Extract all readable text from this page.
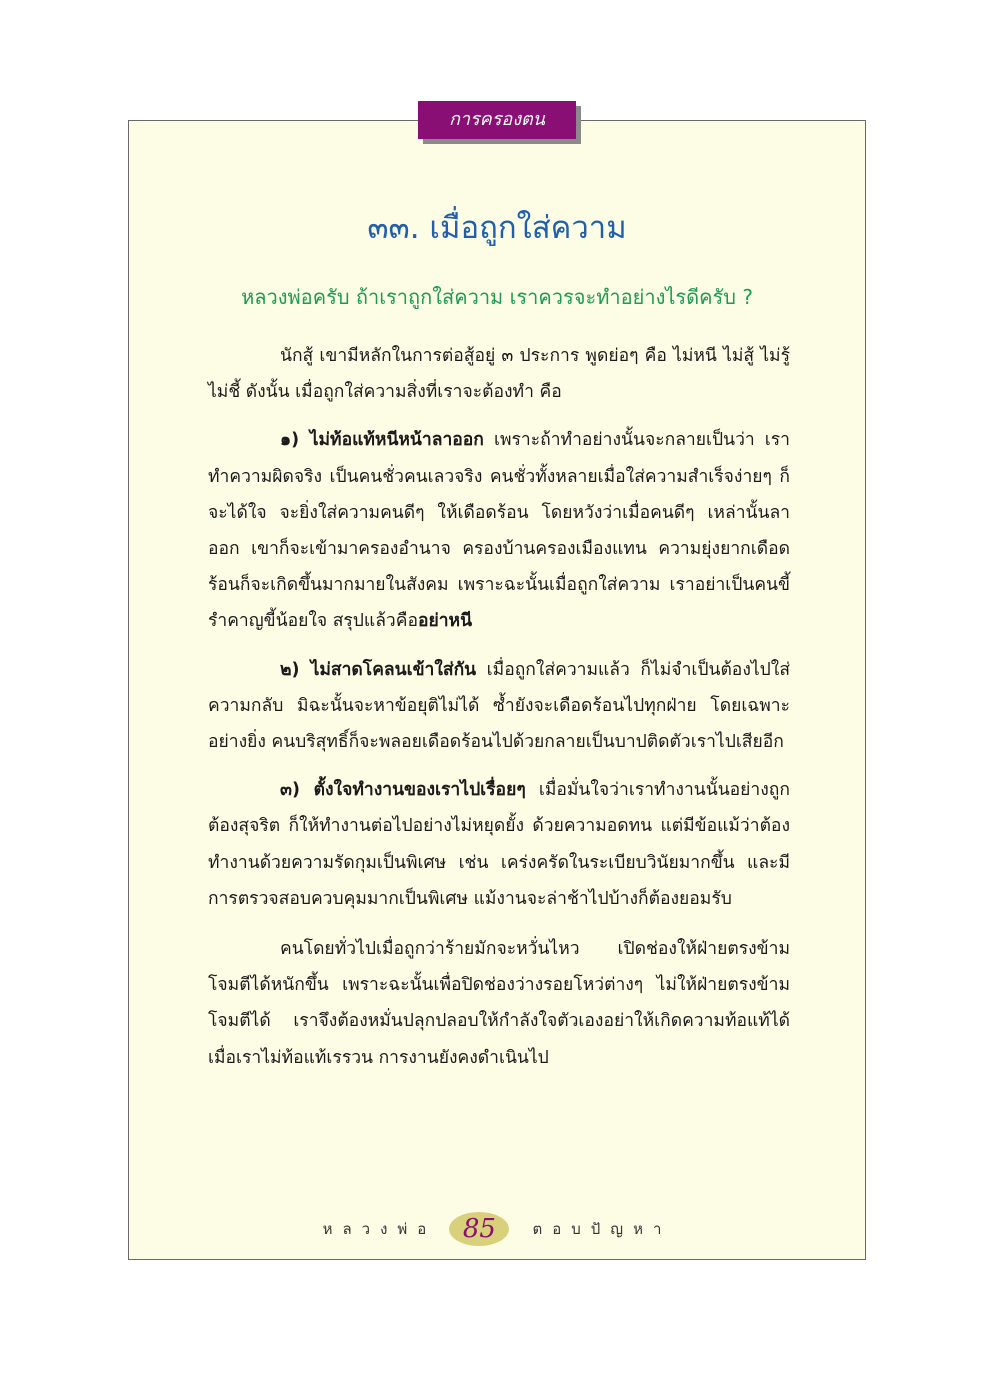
การครองตน
๓๓. เมื่อถูกใส่ความ
หลวงพ่อครับ ถ้าเราถูกใส่ความ เราควรจะทำอย่างไรดีครับ ?

นักสู้ เขามีหลักในการต่อสู้อยู่ ๓ ประการ พูดย่อๆ คือ ไม่หนี ไม่สู้ ไม่รู้ไม่ชี้ ดังนั้น เมื่อถูกใส่ความสิ่งที่เราจะต้องทำ คือ

๑) ไม่ท้อแท้หนีหน้าลาออก เพราะถ้าทำอย่างนั้นจะกลายเป็นว่า เราทำความผิดจริง เป็นคนชั่วคนเลวจริง คนชั่วทั้งหลายเมื่อใส่ความสำเร็จง่ายๆ ก็จะได้ใจ จะยิ่งใส่ความคนดีๆ ให้เดือดร้อน โดยหวังว่าเมื่อคนดีๆ เหล่านั้นลาออก เขาก็จะเข้ามาครองอำนาจ ครองบ้านครองเมืองแทน ความยุ่งยากเดือดร้อนก็จะเกิดขึ้นมากมายในสังคม เพราะฉะนั้นเมื่อถูกใส่ความ เราอย่าเป็นคนขี้รำคาญขี้น้อยใจ สรุปแล้วคืออย่าหนี

๒) ไม่สาดโคลนเข้าใส่กัน เมื่อถูกใส่ความแล้ว ก็ไม่จำเป็นต้องไปใส่ความกลับ มิฉะนั้นจะหาข้อยุติไม่ได้ ซ้ำยังจะเดือดร้อนไปทุกฝ่าย โดยเฉพาะอย่างยิ่ง คนบริสุทธิ์ก็จะพลอยเดือดร้อนไปด้วยกลายเป็นบาปติดตัวเราไปเสียอีก

๓) ตั้งใจทำงานของเราไปเรื่อยๆ เมื่อมั่นใจว่าเราทำงานนั้นอย่างถูกต้องสุจริต ก็ให้ทำงานต่อไปอย่างไม่หยุดยั้ง ด้วยความอดทน แต่มีข้อแม้ว่าต้องทำงานด้วยความรัดกุมเป็นพิเศษ เช่น เคร่งครัดในระเบียบวินัยมากขึ้น และมีการตรวจสอบควบคุมมากเป็นพิเศษ แม้งานจะล่าช้าไปบ้างก็ต้องยอมรับ

คนโดยทั่วไปเมื่อถูกว่าร้ายมักจะหวั่นไหว เปิดช่องให้ฝ่ายตรงข้ามโจมตีได้หนักขึ้น เพราะฉะนั้นเพื่อปิดช่องว่างรอยโหว่ต่างๆ ไม่ให้ฝ่ายตรงข้ามโจมตีได้ เราจึงต้องหมั่นปลุกปลอบให้กำลังใจตัวเองอย่าให้เกิดความท้อแท้ได้ เมื่อเราไม่ท้อแท้เรรวน การงานยังคงดำเนินไป

หลวงพ่อ 85 ตอบปัญหา
